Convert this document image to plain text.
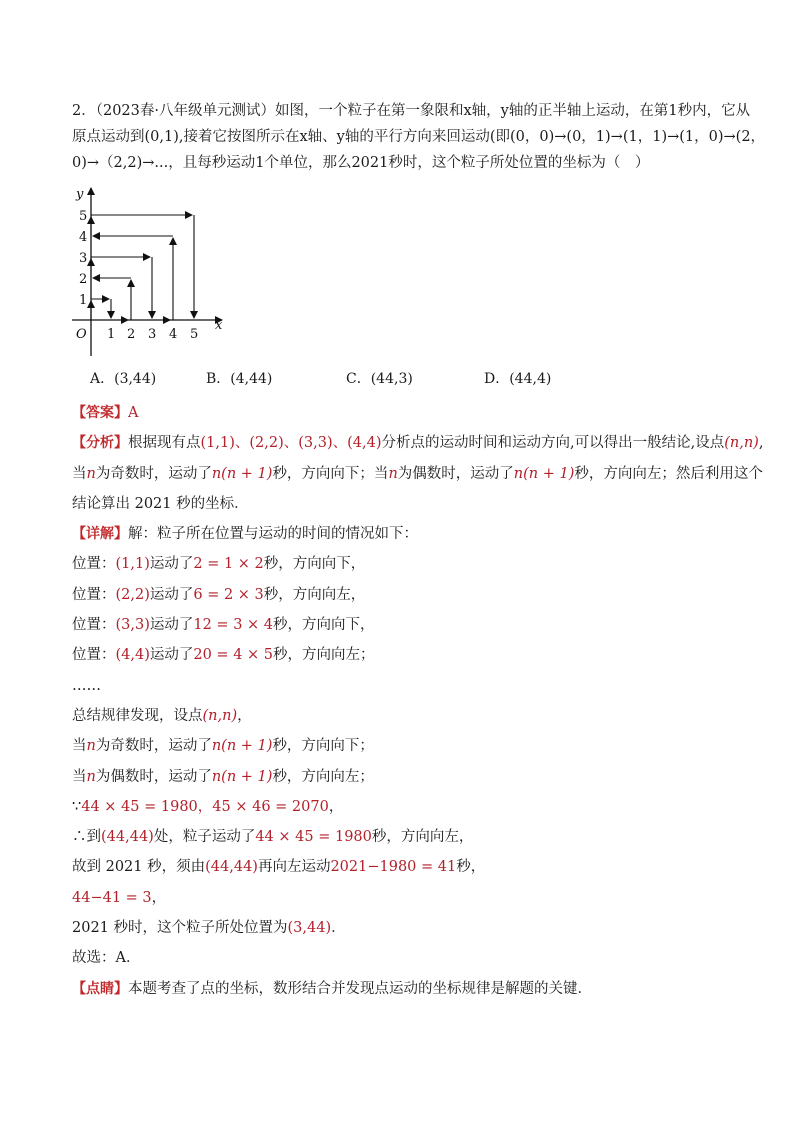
2．（2023春·八年级单元测试）如图，一个粒子在第一象限和x轴，y轴的正半轴上运动，在第1秒内，它从

原点运动到(0,1),接着它按图所示在x轴、y轴的平行方向来回运动(即(0，0)→(0，1)→(1，1)→(1，0)→(2，

0)→（2,2)→...，且每秒运动1个单位，那么2021秒时，这个粒子所处位置的坐标为（　）

y
x
O
1
2
3
4
5
1 2 3 4 5
A．(3,44)	B．(4,44)	C．(44,3)	D．(44,4)

【答案】A

【分析】根据现有点(1,1)、(2,2)、(3,3)、(4,4)分析点的运动时间和运动方向,可以得出一般结论,设点(n,n),

当n为奇数时，运动了n(n + 1)秒，方向向下；当n为偶数时，运动了n(n + 1)秒，方向向左；然后利用这个

结论算出 2021 秒的坐标．

【详解】解：粒子所在位置与运动的时间的情况如下：

位置：(1,1)运动了2 = 1 × 2秒，方向向下，

位置：(2,2)运动了6 = 2 × 3秒，方向向左，

位置：(3,3)运动了12 = 3 × 4秒，方向向下，

位置：(4,4)运动了20 = 4 × 5秒，方向向左；

……

总结规律发现，设点(n,n)，

当n为奇数时，运动了n(n + 1)秒，方向向下；

当n为偶数时，运动了n(n + 1)秒，方向向左；

∵44 × 45 = 1980，45 × 46 = 2070，

∴到(44,44)处，粒子运动了44 × 45 = 1980秒，方向向左，

故到 2021 秒，须由(44,44)再向左运动2021−1980 = 41秒，

44−41 = 3，

2021 秒时，这个粒子所处位置为(3,44)．

故选：A．

【点睛】本题考查了点的坐标，数形结合并发现点运动的坐标规律是解题的关键．
